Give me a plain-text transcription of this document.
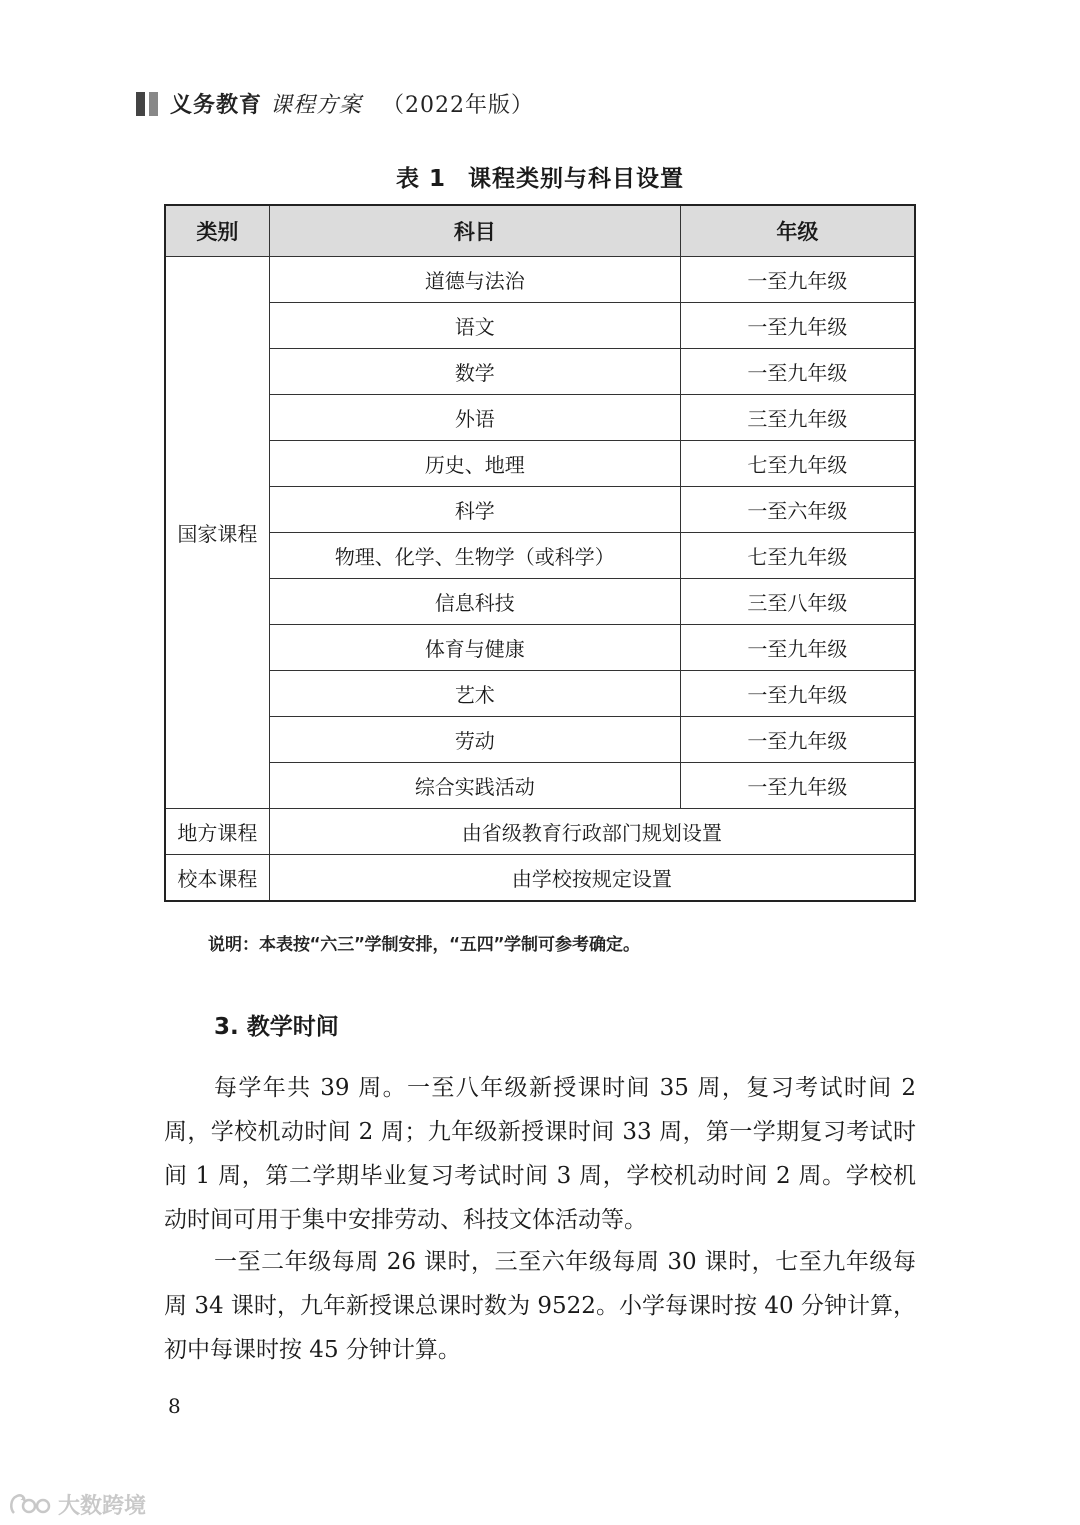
义务教育 课程方案 （2022年版）
表 1 课程类别与科目设置
类别	科目	年级
国家课程	道德与法治	一至九年级
	语文	一至九年级
	数学	一至九年级
	外语	三至九年级
	历史、地理	七至九年级
	科学	一至六年级
	物理、化学、生物学（或科学）	七至九年级
	信息科技	三至八年级
	体育与健康	一至九年级
	艺术	一至九年级
	劳动	一至九年级
	综合实践活动	一至九年级
地方课程	由省级教育行政部门规划设置	
校本课程	由学校按规定设置	
说明：本表按“六三”学制安排，“五四”学制可参考确定。
3. 教学时间

每学年共 39 周。一至八年级新授课时间 35 周，复习考试时间 2 周，学校机动时间 2 周；九年级新授课时间 33 周，第一学期复习考试时间 1 周，第二学期毕业复习考试时间 3 周，学校机动时间 2 周。学校机动时间可用于集中安排劳动、科技文体活动等。

一至二年级每周 26 课时，三至六年级每周 30 课时，七至九年级每周 34 课时，九年新授课总课时数为 9522。小学每课时按 40 分钟计算，初中每课时按 45 分钟计算。

8
1 大数跨境
